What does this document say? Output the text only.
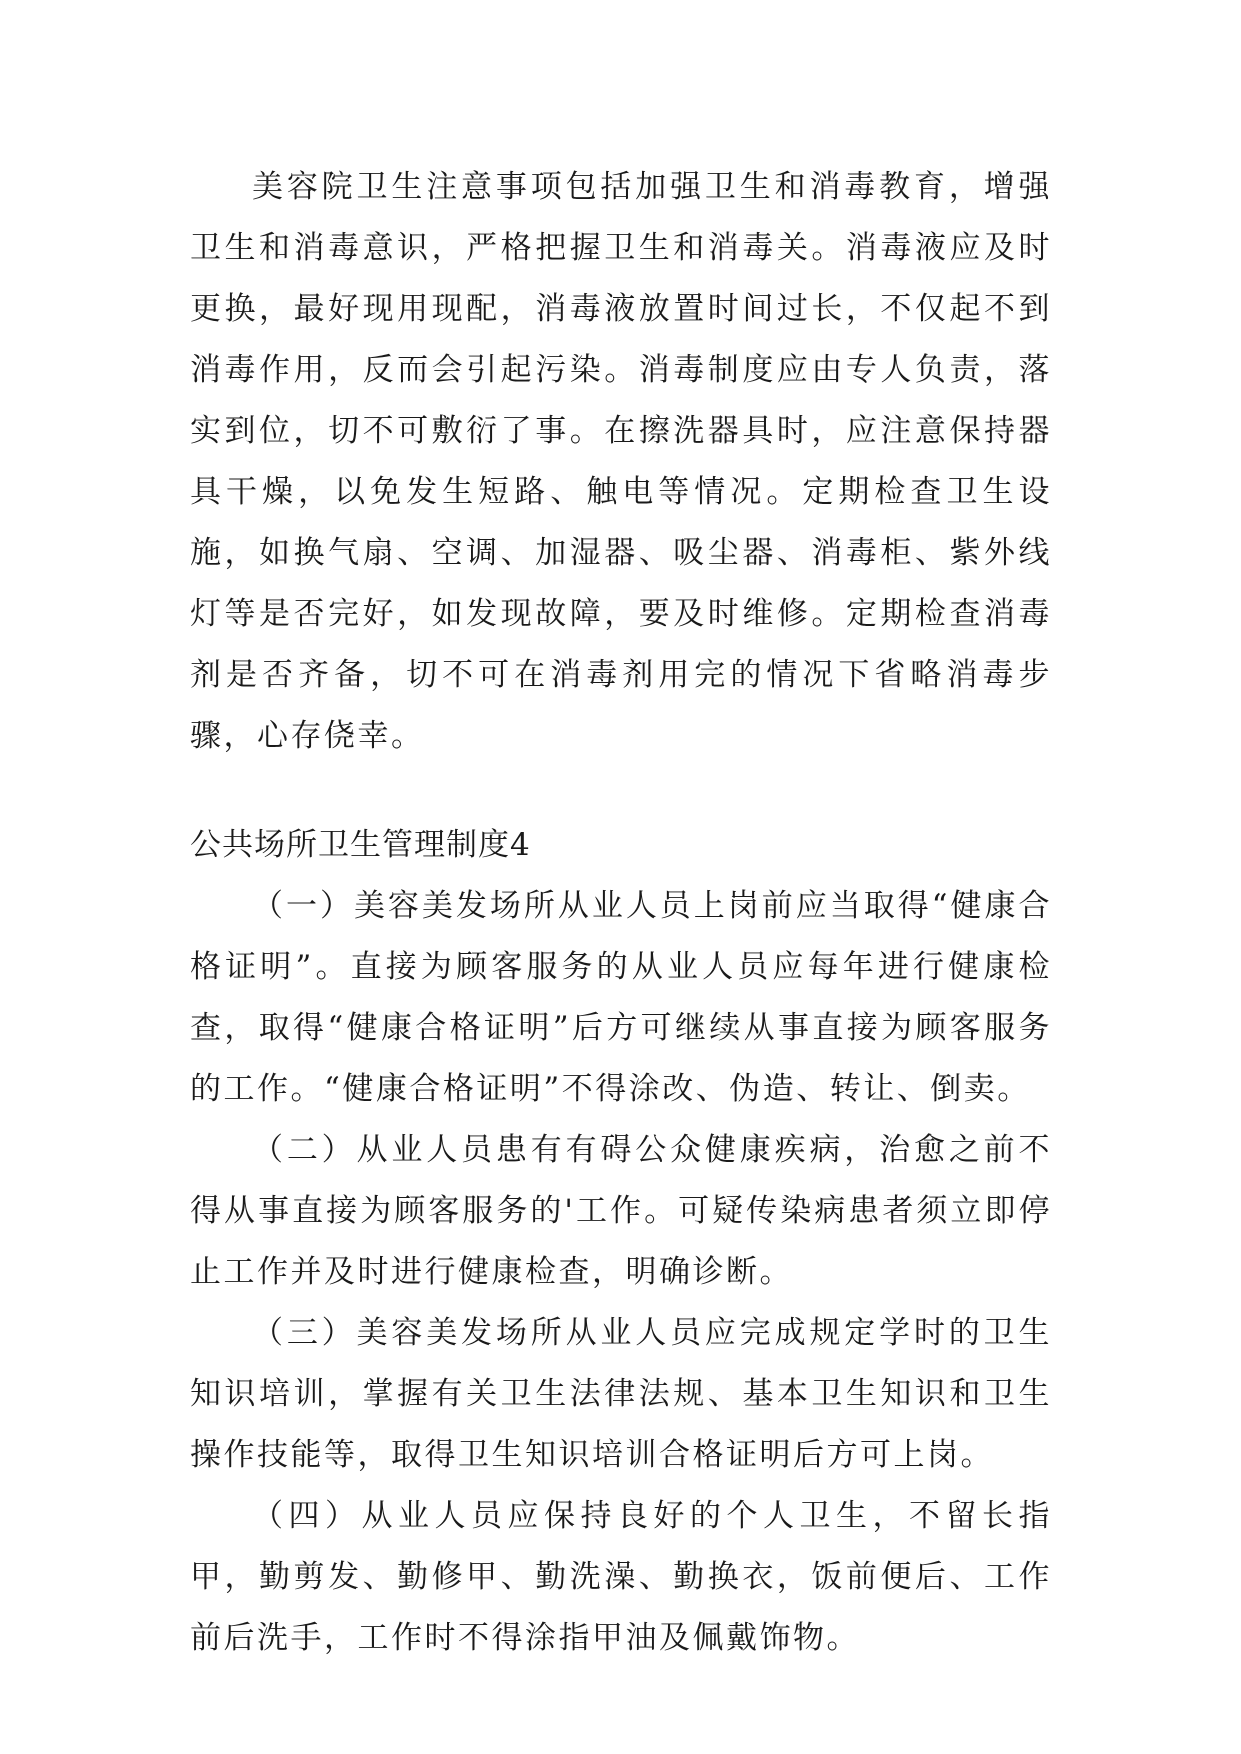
美容院卫生注意事项包括加强卫生和消毒教育，增强卫生和消毒意识，严格把握卫生和消毒关。消毒液应及时更换，最好现用现配，消毒液放置时间过长，不仅起不到消毒作用，反而会引起污染。消毒制度应由专人负责，落实到位，切不可敷衍了事。在擦洗器具时，应注意保持器具干燥，以免发生短路、触电等情况。定期检查卫生设施，如换气扇、空调、加湿器、吸尘器、消毒柜、紫外线灯等是否完好，如发现故障，要及时维修。定期检查消毒剂是否齐备，切不可在消毒剂用完的情况下省略消毒步骤，心存侥幸。

公共场所卫生管理制度4

（一）美容美发场所从业人员上岗前应当取得“健康合格证明”。直接为顾客服务的从业人员应每年进行健康检查，取得“健康合格证明”后方可继续从事直接为顾客服务的工作。“健康合格证明”不得涂改、伪造、转让、倒卖。

（二）从业人员患有有碍公众健康疾病，治愈之前不得从事直接为顾客服务的'工作。可疑传染病患者须立即停止工作并及时进行健康检查，明确诊断。

（三）美容美发场所从业人员应完成规定学时的卫生知识培训，掌握有关卫生法律法规、基本卫生知识和卫生操作技能等，取得卫生知识培训合格证明后方可上岗。

（四）从业人员应保持良好的个人卫生，不留长指甲，勤剪发、勤修甲、勤洗澡、勤换衣，饭前便后、工作前后洗手，工作时不得涂指甲油及佩戴饰物。
